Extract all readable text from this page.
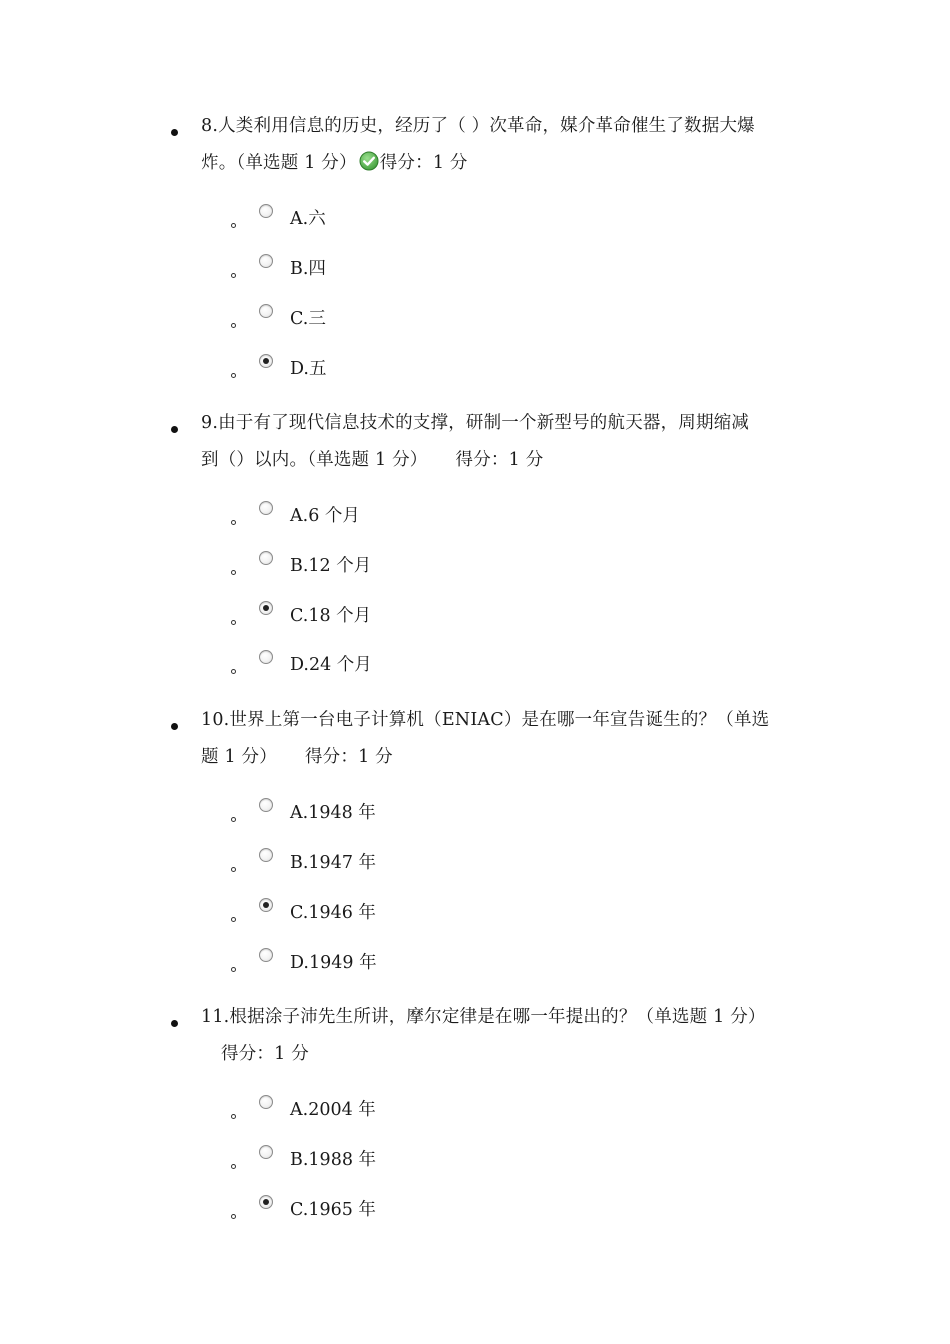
8.人类利用信息的历史，经历了（ ）次革命，媒介革命催生了数据大爆
炸。（单选题 1 分） 得分：1 分
A.六
B.四
C.三
D.五
9.由于有了现代信息技术的支撑，研制一个新型号的航天器，周期缩减
到（）以内。（单选题 1 分） 得分：1 分
A.6 个月
B.12 个月
C.18 个月
D.24 个月
10.世界上第一台电子计算机（ENIAC）是在哪一年宣告诞生的？（单选
题 1 分） 得分：1 分
A.1948 年
B.1947 年
C.1946 年
D.1949 年
11.根据涂子沛先生所讲，摩尔定律是在哪一年提出的？（单选题 1 分）
得分：1 分
A.2004 年
B.1988 年
C.1965 年
